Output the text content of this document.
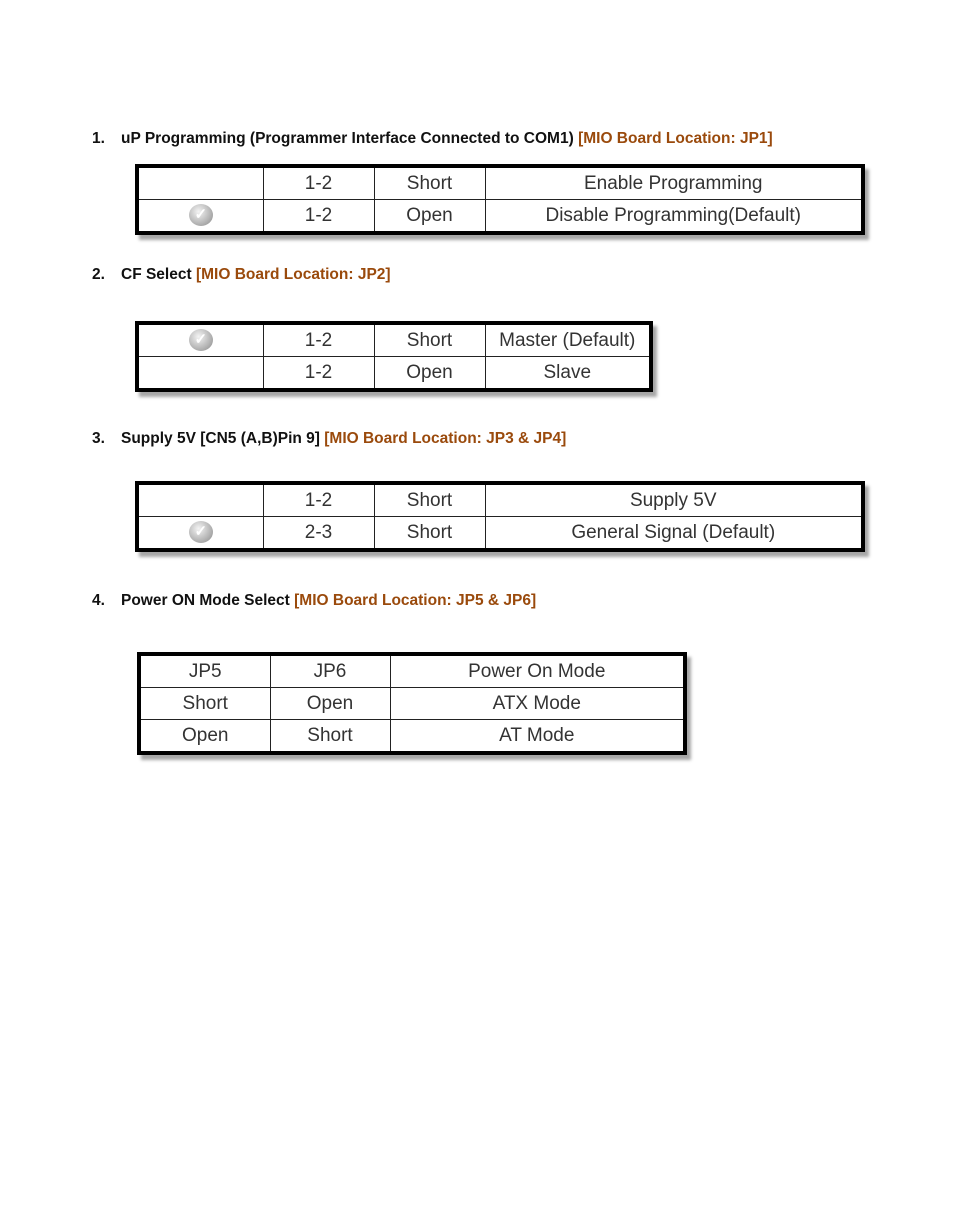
1. uP Programming (Programmer Interface Connected to COM1) [MIO Board Location: JP1]
	1-2	Short	Enable Programming
✓	1-2	Open	Disable Programming(Default)
2. CF Select [MIO Board Location: JP2]
✓	1-2	Short	Master (Default)
	1-2	Open	Slave
3. Supply 5V [CN5 (A,B)Pin 9] [MIO Board Location: JP3 & JP4]
	1-2	Short	Supply 5V
✓	2-3	Short	General Signal (Default)
4. Power ON Mode Select [MIO Board Location: JP5 & JP6]
JP5	JP6	Power On Mode
Short	Open	ATX Mode
Open	Short	AT Mode
